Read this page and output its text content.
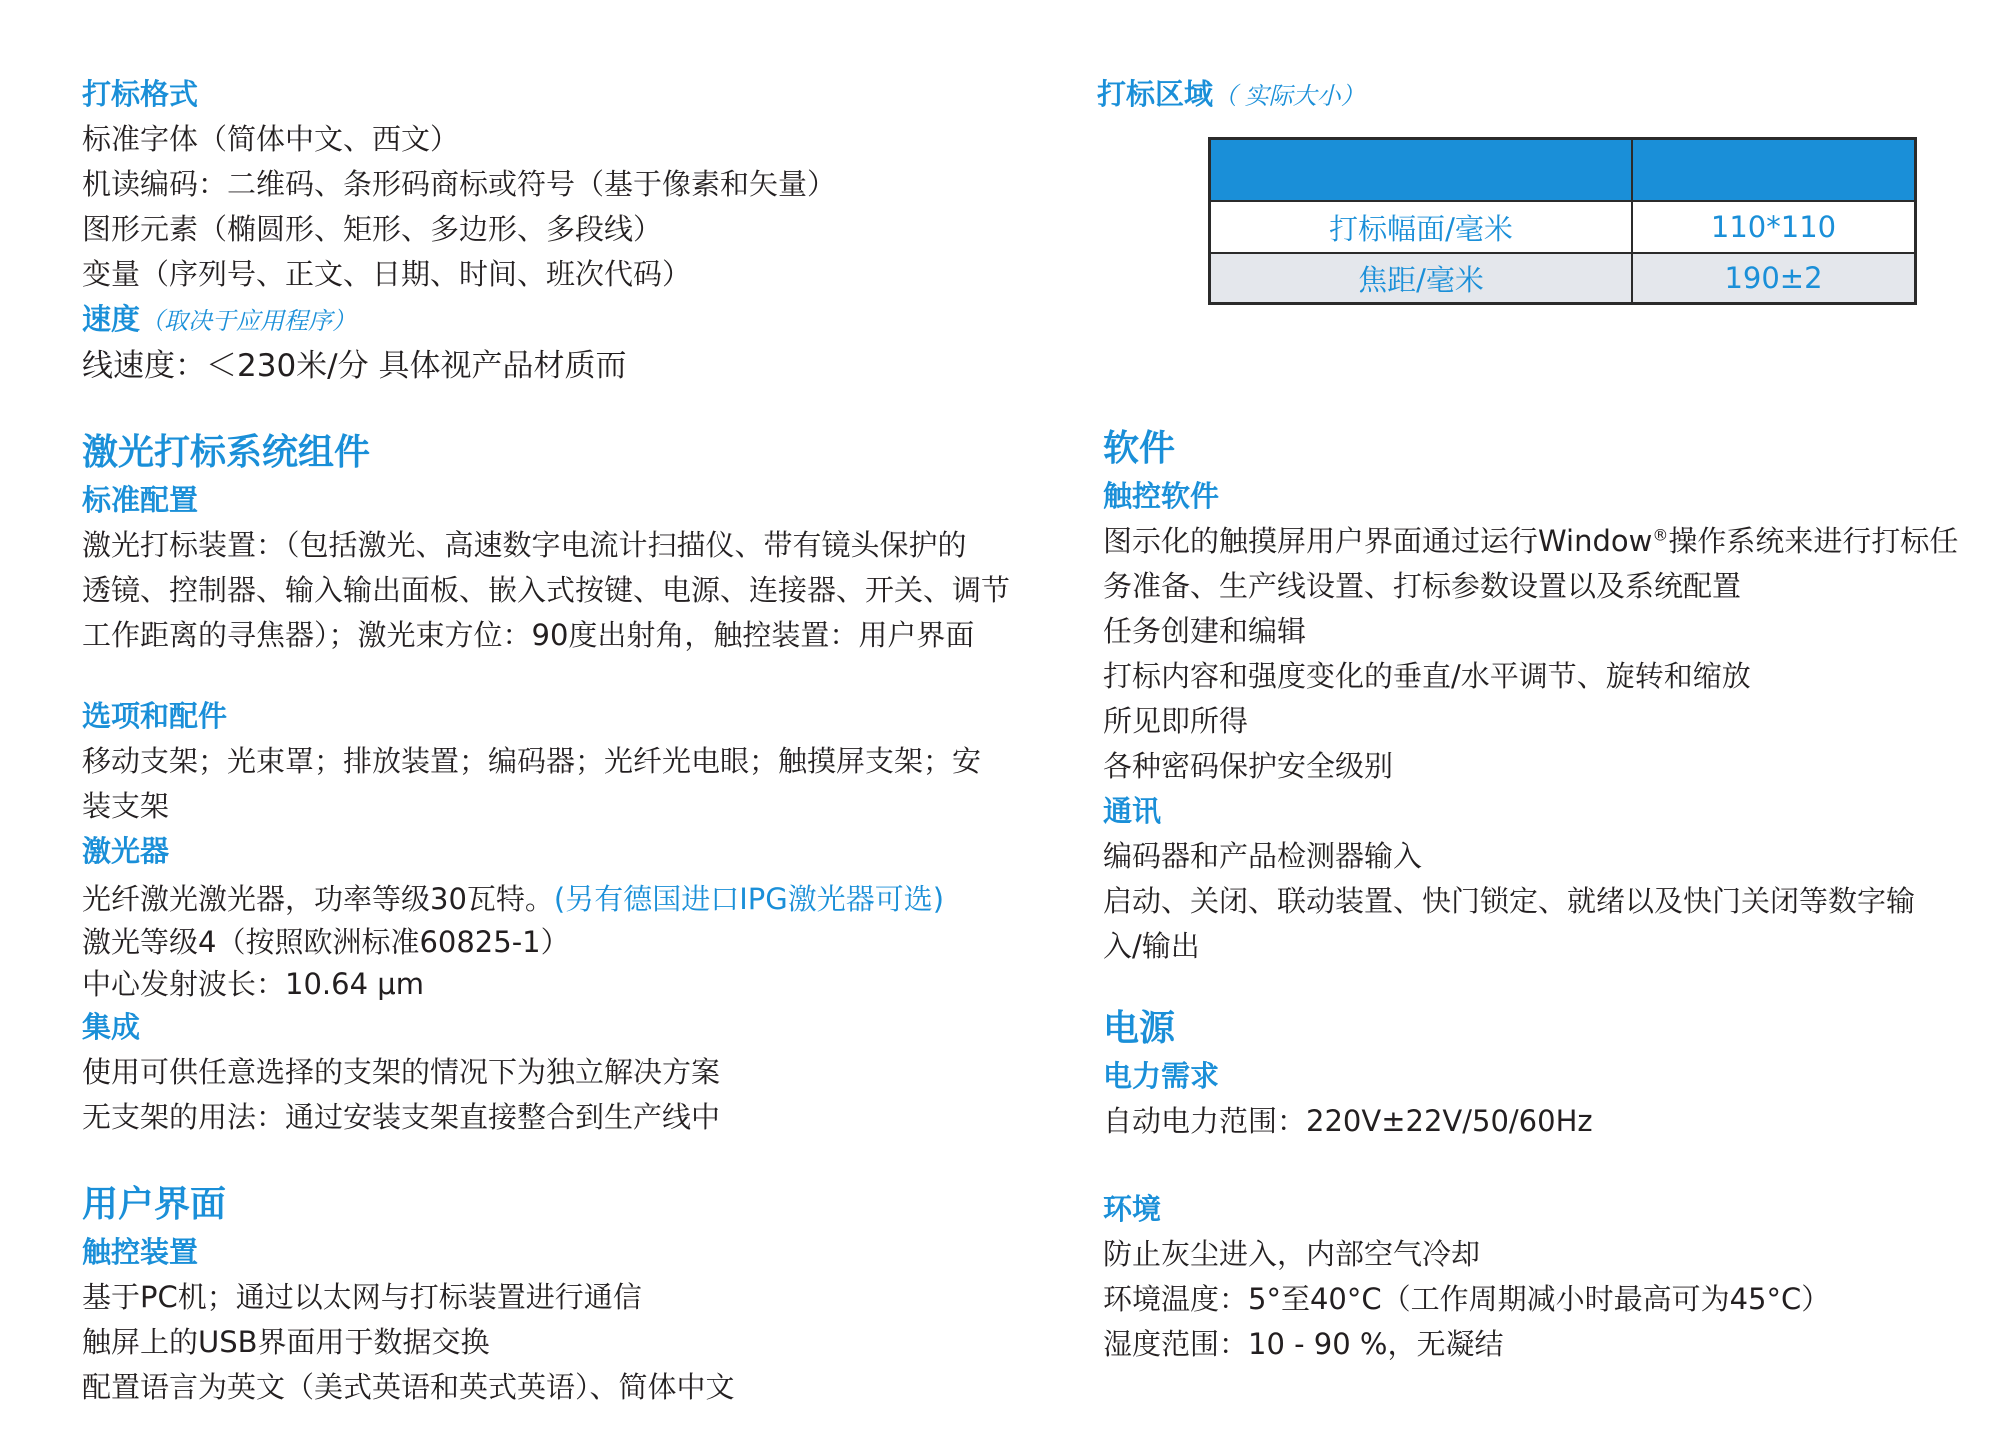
打标格式
标准字体（简体中文、西文）
机读编码：二维码、条形码商标或符号（基于像素和矢量）
图形元素（椭圆形、矩形、多边形、多段线）
变量（序列号、正文、日期、时间、班次代码）
速度（取决于应用程序）
线速度：＜230米/分 具体视产品材质而
激光打标系统组件
标准配置
激光打标装置：（包括激光、高速数字电流计扫描仪、带有镜头保护的
透镜、控制器、输入输出面板、嵌入式按键、电源、连接器、开关、调节
工作距离的寻焦器）；激光束方位：90度出射角，触控装置：用户界面
选项和配件
移动支架；光束罩；排放装置；编码器；光纤光电眼；触摸屏支架；安
装支架
激光器
光纤激光激光器，功率等级30瓦特。(另有德国进口IPG激光器可选)
激光等级4（按照欧洲标准60825-1）
中心发射波长：10.64 μm
集成
使用可供任意选择的支架的情况下为独立解决方案
无支架的用法：通过安装支架直接整合到生产线中
用户界面
触控装置
基于PC机；通过以太网与打标装置进行通信
触屏上的USB界面用于数据交换
配置语言为英文（美式英语和英式英语）、简体中文
打标区域（ 实际大小）
软件
触控软件
图示化的触摸屏用户界面通过运行Window®操作系统来进行打标任
务准备、生产线设置、打标参数设置以及系统配置
任务创建和编辑
打标内容和强度变化的垂直/水平调节、旋转和缩放
所见即所得
各种密码保护安全级别
通讯
编码器和产品检测器输入
启动、关闭、联动装置、快门锁定、就绪以及快门关闭等数字输
入/输出
电源
电力需求
自动电力范围：220V±22V/50/60Hz
环境
防止灰尘进入，内部空气冷却
环境温度：5°至40°C（工作周期减小时最高可为45°C）
湿度范围：10 - 90 %，无凝结

打标幅面/毫米	110*110
焦距/毫米	190±2
